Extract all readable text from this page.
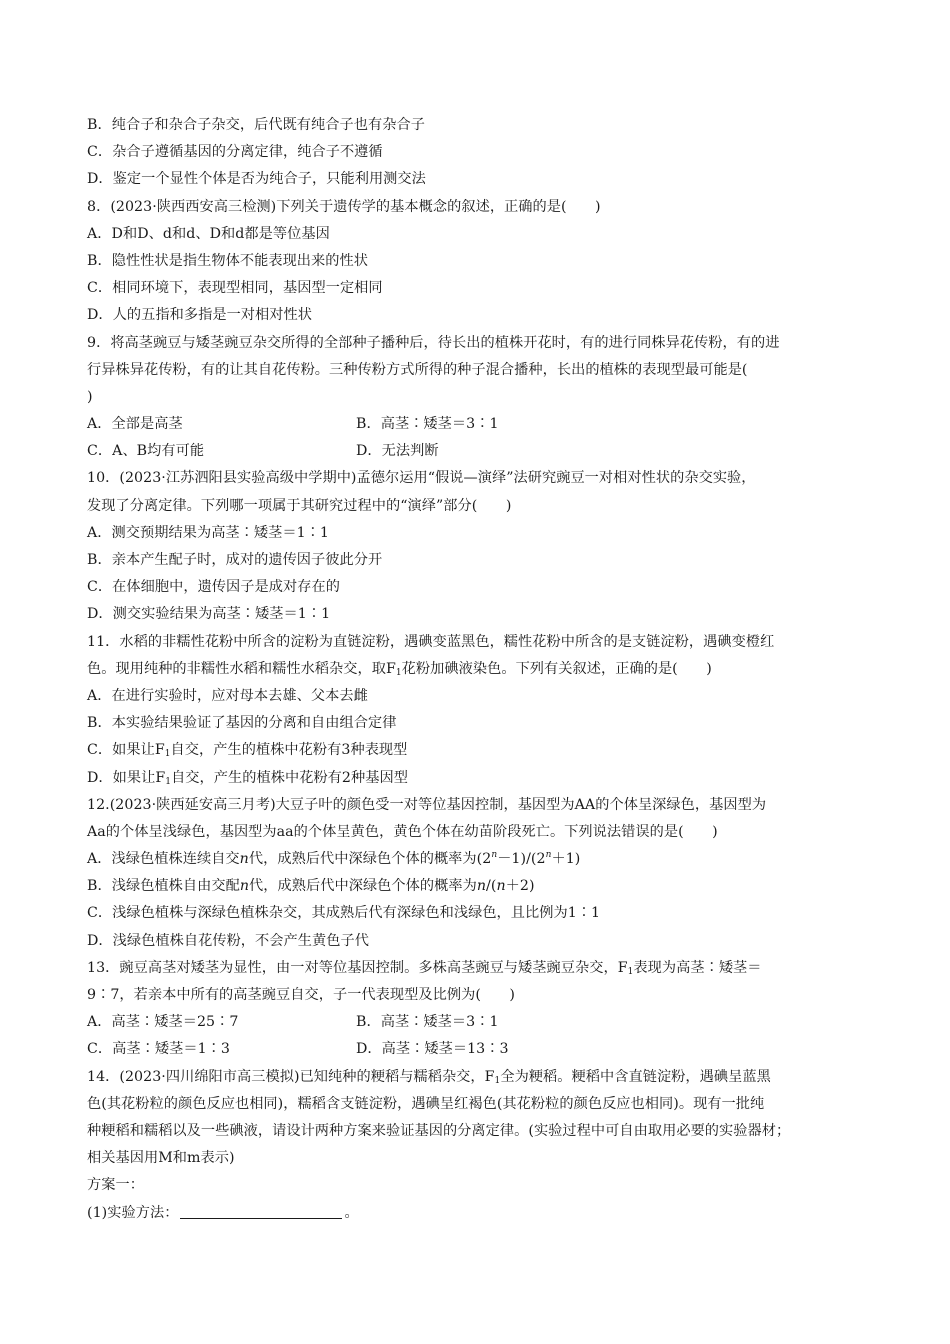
B．纯合子和杂合子杂交，后代既有纯合子也有杂合子
C．杂合子遵循基因的分离定律，纯合子不遵循
D．鉴定一个显性个体是否为纯合子，只能利用测交法
8．(2023·陕西西安高三检测)下列关于遗传学的基本概念的叙述，正确的是(　　)
A．D和D、d和d、D和d都是等位基因
B．隐性性状是指生物体不能表现出来的性状
C．相同环境下，表现型相同，基因型一定相同
D．人的五指和多指是一对相对性状
9．将高茎豌豆与矮茎豌豆杂交所得的全部种子播种后，待长出的植株开花时，有的进行同株异花传粉，有的进
行异株异花传粉，有的让其自花传粉。三种传粉方式所得的种子混合播种，长出的植株的表现型最可能是(
)
A．全部是高茎	B．高茎∶矮茎＝3∶1
C．A、B均有可能	D．无法判断
10．(2023·江苏泗阳县实验高级中学期中)孟德尔运用“假说—演绎”法研究豌豆一对相对性状的杂交实验，
发现了分离定律。下列哪一项属于其研究过程中的“演绎”部分(　　)
A．测交预期结果为高茎∶矮茎＝1∶1
B．亲本产生配子时，成对的遗传因子彼此分开
C．在体细胞中，遗传因子是成对存在的
D．测交实验结果为高茎∶矮茎＝1∶1
11．水稻的非糯性花粉中所含的淀粉为直链淀粉，遇碘变蓝黑色，糯性花粉中所含的是支链淀粉，遇碘变橙红
色。现用纯种的非糯性水稻和糯性水稻杂交，取$F_1$花粉加碘液染色。下列有关叙述，正确的是(　　)
A．在进行实验时，应对母本去雄、父本去雌
B．本实验结果验证了基因的分离和自由组合定律
C．如果让$F_1$自交，产生的植株中花粉有3种表现型
D．如果让$F_1$自交，产生的植株中花粉有2种基因型
12.(2023·陕西延安高三月考)大豆子叶的颜色受一对等位基因控制，基因型为AA的个体呈深绿色，基因型为
Aa的个体呈浅绿色，基因型为aa的个体呈黄色，黄色个体在幼苗阶段死亡。下列说法错误的是(　　)
A．浅绿色植株连续自交n代，成熟后代中深绿色个体的概率为$(2^n-1)/(2^n+1)$
B．浅绿色植株自由交配n代，成熟后代中深绿色个体的概率为n/(n＋2)
C．浅绿色植株与深绿色植株杂交，其成熟后代有深绿色和浅绿色，且比例为1∶1
D．浅绿色植株自花传粉，不会产生黄色子代
13．豌豆高茎对矮茎为显性，由一对等位基因控制。多株高茎豌豆与矮茎豌豆杂交，$F_1$表现为高茎∶矮茎＝
9∶7，若亲本中所有的高茎豌豆自交，子一代表现型及比例为(　　)
A．高茎∶矮茎＝25∶7	B．高茎∶矮茎＝3∶1
C．高茎∶矮茎＝1∶3	D．高茎∶矮茎＝13∶3
14．(2023·四川绵阳市高三模拟)已知纯种的粳稻与糯稻杂交，$F_1$全为粳稻。粳稻中含直链淀粉，遇碘呈蓝黑
色(其花粉粒的颜色反应也相同)，糯稻含支链淀粉，遇碘呈红褐色(其花粉粒的颜色反应也相同)。现有一批纯
种粳稻和糯稻以及一些碘液，请设计两种方案来验证基因的分离定律。(实验过程中可自由取用必要的实验器材；
相关基因用M和m表示)
方案一：
(1)实验方法：	。
